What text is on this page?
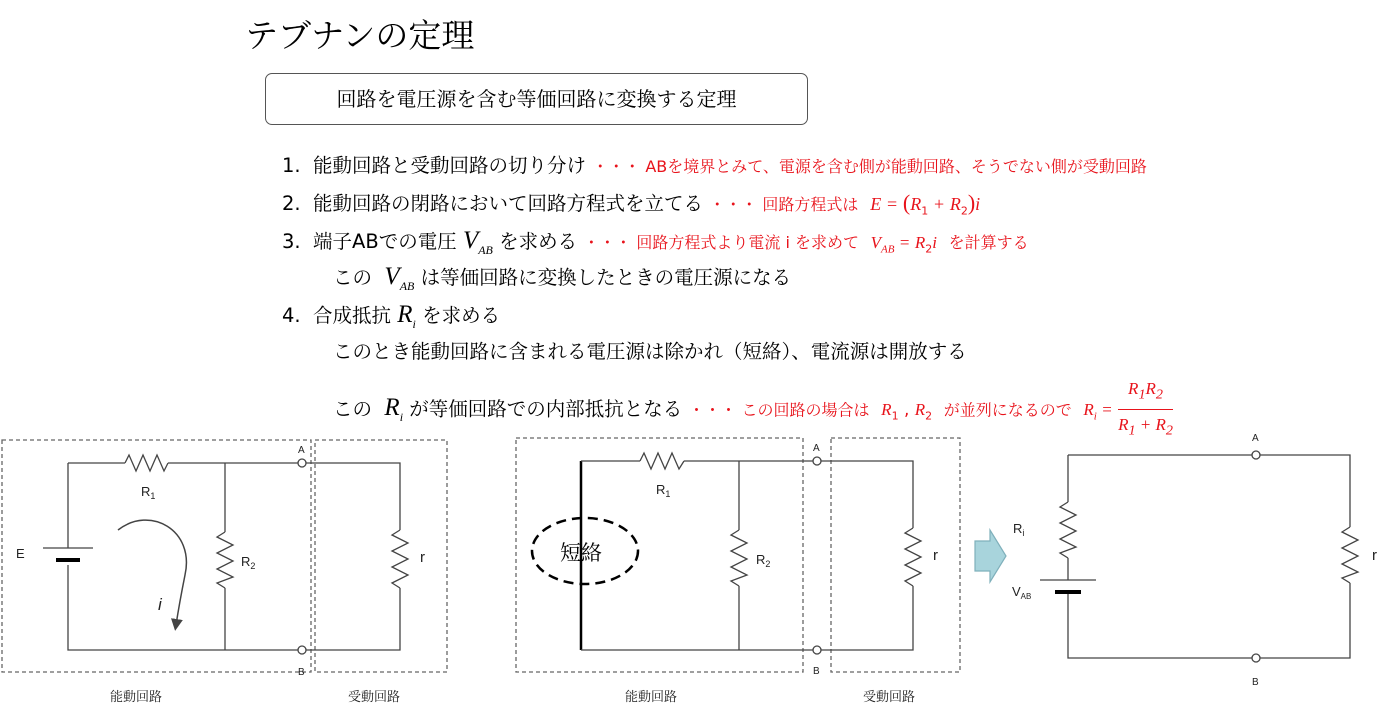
テブナンの定理
回路を電圧源を含む等価回路に変換する定理
1. 能動回路と受動回路の切り分け ・・・ ABを境界とみて、電源を含む側が能動回路、そうでない側が受動回路
2. 能動回路の閉路において回路方程式を立てる ・・・ 回路方程式は $E = (R_1 + R_2)i$
3. 端子ABでの電圧 $V_{AB}$ を求める ・・・ 回路方程式より電流 i を求めて $V_{AB} = R_2i$ を計算する
この $V_{AB}$ は等価回路に変換したときの電圧源になる
4. 合成抵抗 $R_i$ を求める
このとき能動回路に含まれる電圧源は除かれ（短絡）、電流源は開放する
この $R_i$ が等価回路での内部抵抗となる ・・・ この回路の場合は $R_1$ , $R_2$ が並列になるので $R_i = \frac{R_1R_2}{R_1 + R_2}$
E
$R_1$
$R_2$
A
B
r
i
能動回路	受動回路
短絡
$R_1$
$R_2$
A
B
r
能動回路	受動回路
$R_i$
$V_{AB}$
A
B
r
